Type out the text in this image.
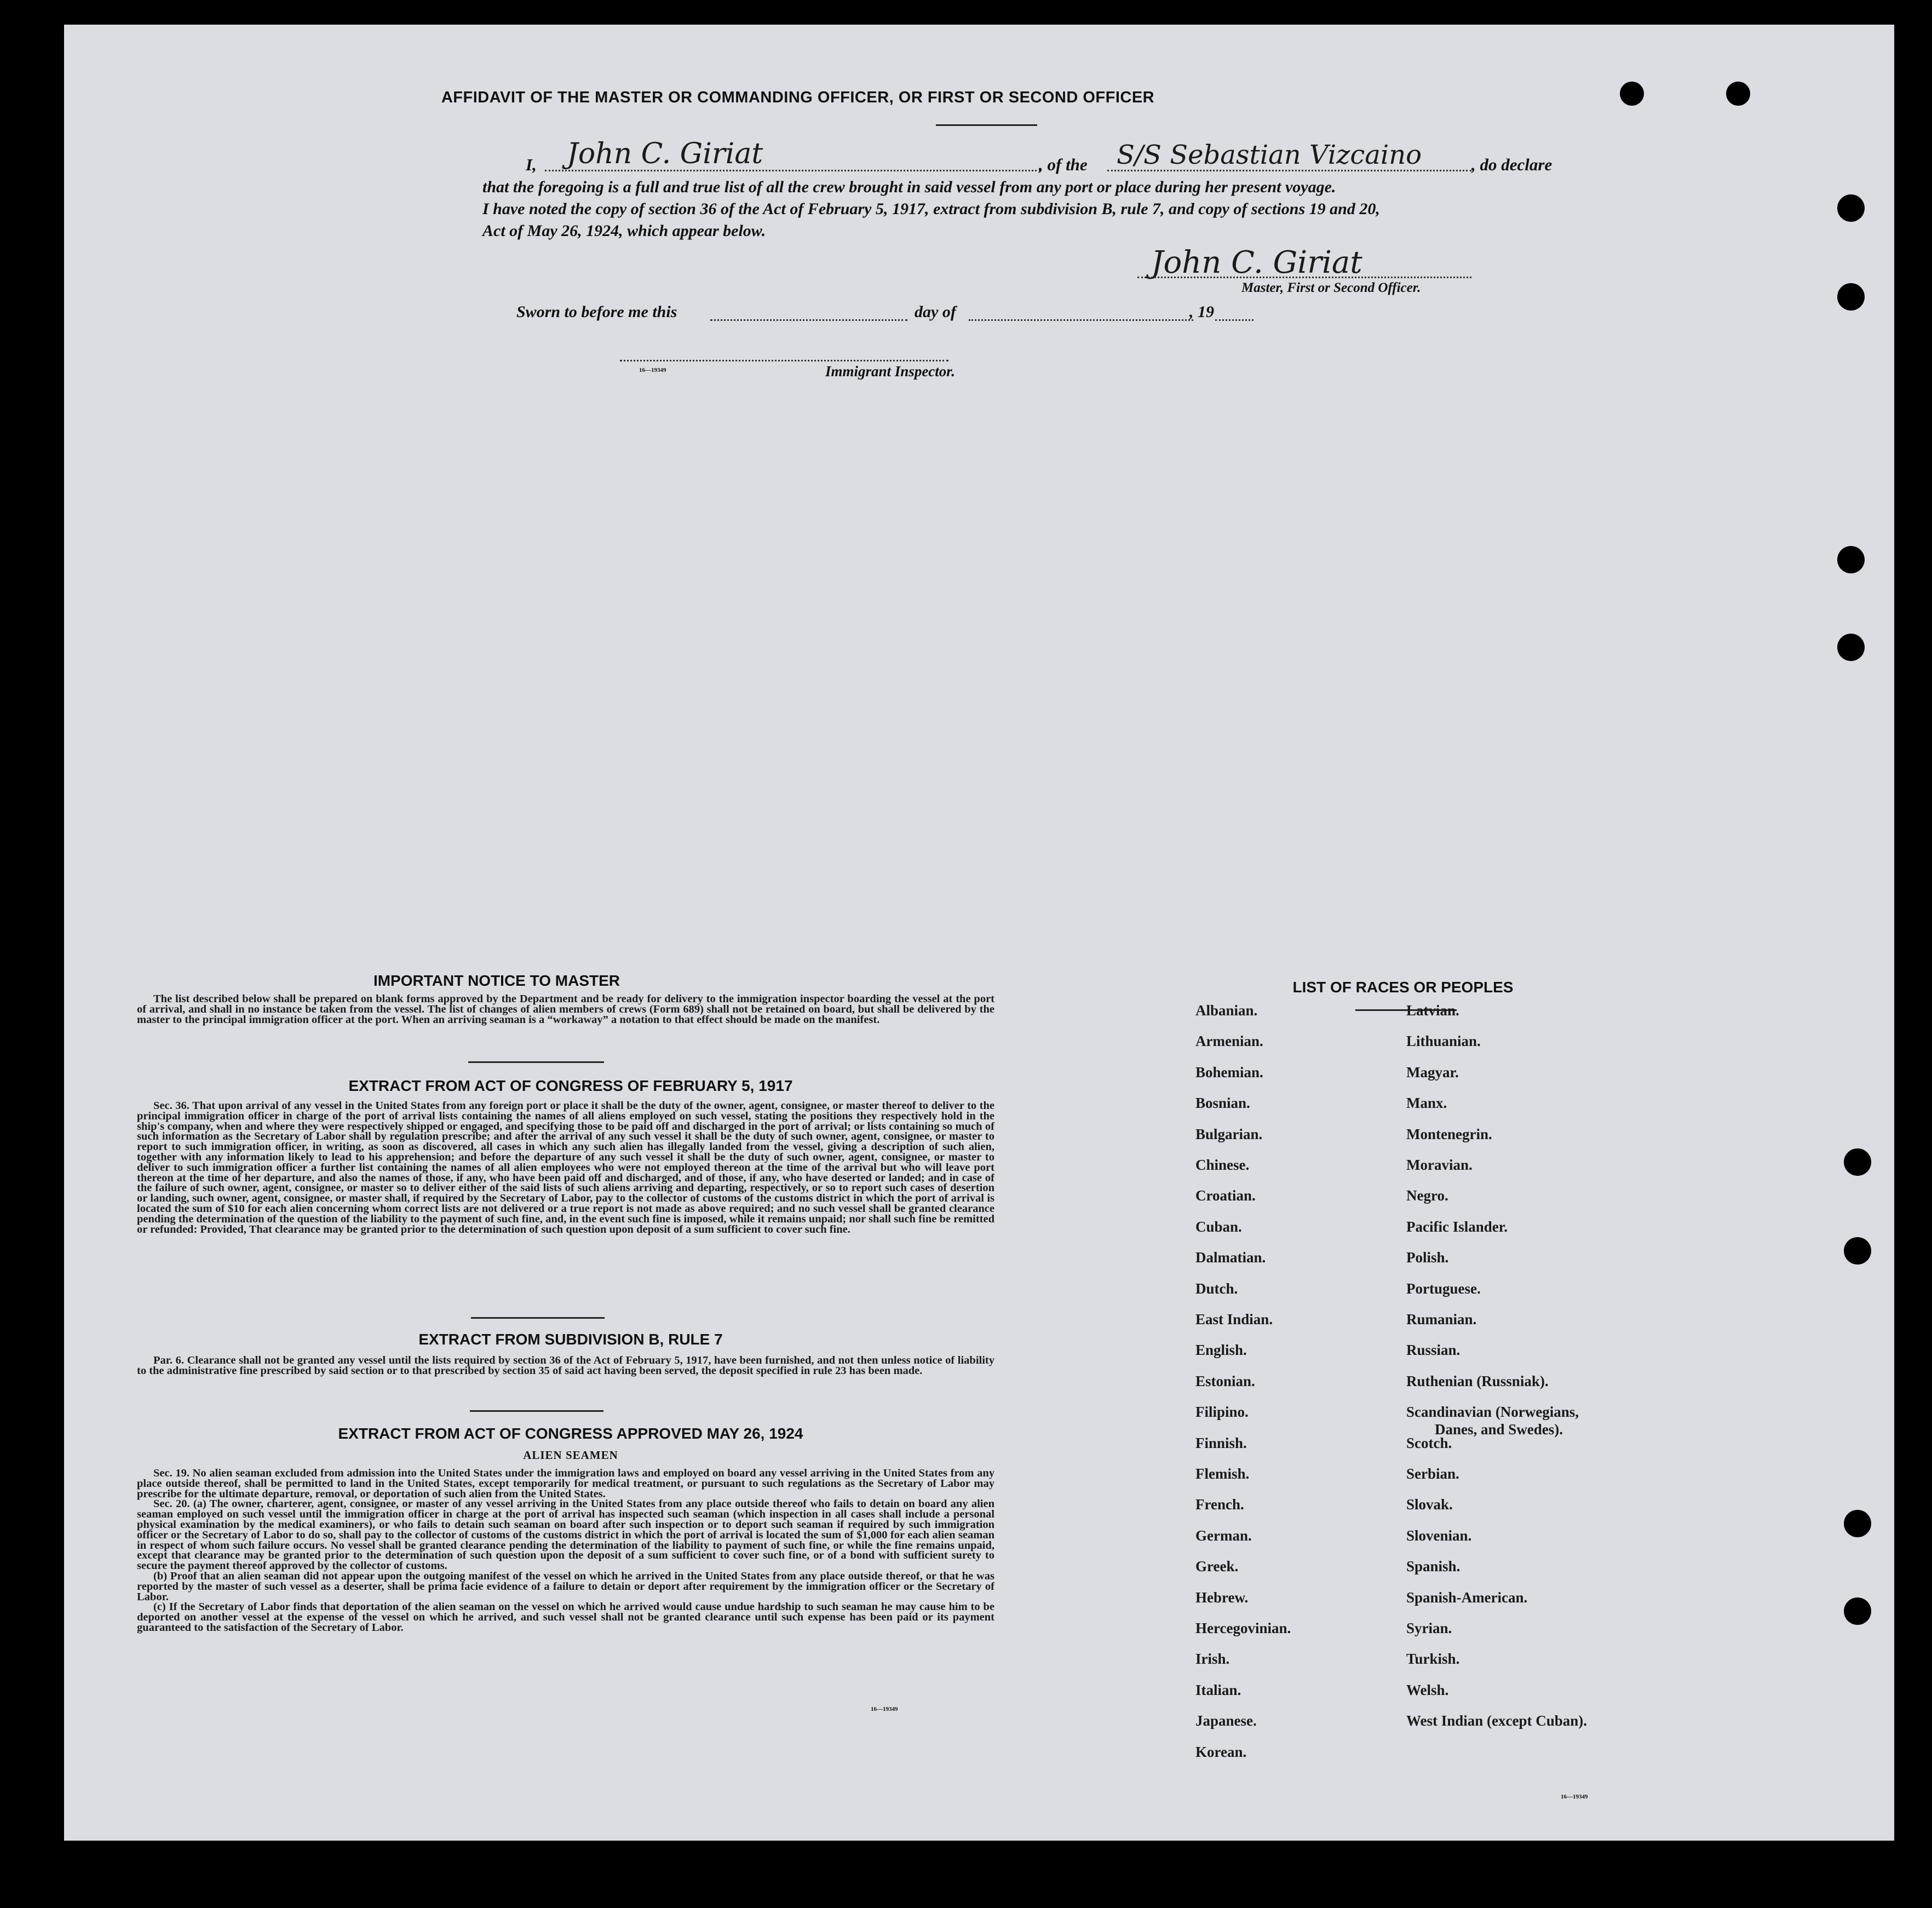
AFFIDAVIT OF THE MASTER OR COMMANDING OFFICER, OR FIRST OR SECOND OFFICER
I, John C. Giriat	, of the S/S Sebastian Vizcaino	, do declare
that the foregoing is a full and true list of all the crew brought in said vessel from any port or place during her present voyage.
I have noted the copy of section 36 of the Act of February 5, 1917, extract from subdivision B, rule 7, and copy of sections 19 and 20,
Act of May 26, 1924, which appear below.
John C. Giriat
Master, First or Second Officer.
Sworn to before me this	day of	, 19
16—19349	Immigrant Inspector.
IMPORTANT NOTICE TO MASTER

The list described below shall be prepared on blank forms approved by the Department and be ready for delivery to the immigration inspector boarding the vessel at the port of arrival, and shall in no instance be taken from the vessel. The list of changes of alien members of crews (Form 689) shall not be retained on board, but shall be delivered by the master to the principal immigration officer at the port. When an arriving seaman is a “workaway” a notation to that effect should be made on the manifest.

EXTRACT FROM ACT OF CONGRESS OF FEBRUARY 5, 1917

Sec. 36. That upon arrival of any vessel in the United States from any foreign port or place it shall be the duty of the owner, agent, consignee, or master thereof to deliver to the principal immigration officer in charge of the port of arrival lists containing the names of all aliens employed on such vessel, stating the positions they respectively hold in the ship's company, when and where they were respectively shipped or engaged, and specifying those to be paid off and discharged in the port of arrival; or lists containing so much of such information as the Secretary of Labor shall by regulation prescribe; and after the arrival of any such vessel it shall be the duty of such owner, agent, consignee, or master to report to such immigration officer, in writing, as soon as discovered, all cases in which any such alien has illegally landed from the vessel, giving a description of such alien, together with any information likely to lead to his apprehension; and before the departure of any such vessel it shall be the duty of such owner, agent, consignee, or master to deliver to such immigration officer a further list containing the names of all alien employees who were not employed thereon at the time of the arrival but who will leave port thereon at the time of her departure, and also the names of those, if any, who have been paid off and discharged, and of those, if any, who have deserted or landed; and in case of the failure of such owner, agent, consignee, or master so to deliver either of the said lists of such aliens arriving and departing, respectively, or so to report such cases of desertion or landing, such owner, agent, consignee, or master shall, if required by the Secretary of Labor, pay to the collector of customs of the customs district in which the port of arrival is located the sum of $10 for each alien concerning whom correct lists are not delivered or a true report is not made as above required; and no such vessel shall be granted clearance pending the determination of the question of the liability to the payment of such fine, and, in the event such fine is imposed, while it remains unpaid; nor shall such fine be remitted or refunded: Provided, That clearance may be granted prior to the determination of such question upon deposit of a sum sufficient to cover such fine.

EXTRACT FROM SUBDIVISION B, RULE 7

Par. 6. Clearance shall not be granted any vessel until the lists required by section 36 of the Act of February 5, 1917, have been furnished, and not then unless notice of liability to the administrative fine prescribed by said section or to that prescribed by section 35 of said act having been served, the deposit specified in rule 23 has been made.

EXTRACT FROM ACT OF CONGRESS APPROVED MAY 26, 1924
ALIEN SEAMEN

Sec. 19. No alien seaman excluded from admission into the United States under the immigration laws and employed on board any vessel arriving in the United States from any place outside thereof, shall be permitted to land in the United States, except temporarily for medical treatment, or pursuant to such regulations as the Secretary of Labor may prescribe for the ultimate departure, removal, or deportation of such alien from the United States.

Sec. 20. (a) The owner, charterer, agent, consignee, or master of any vessel arriving in the United States from any place outside thereof who fails to detain on board any alien seaman employed on such vessel until the immigration officer in charge at the port of arrival has inspected such seaman (which inspection in all cases shall include a personal physical examination by the medical examiners), or who fails to detain such seaman on board after such inspection or to deport such seaman if required by such immigration officer or the Secretary of Labor to do so, shall pay to the collector of customs of the customs district in which the port of arrival is located the sum of $1,000 for each alien seaman in respect of whom such failure occurs. No vessel shall be granted clearance pending the determination of the liability to payment of such fine, or while the fine remains unpaid, except that clearance may be granted prior to the determination of such question upon the deposit of a sum sufficient to cover such fine, or of a bond with sufficient surety to secure the payment thereof approved by the collector of customs.

(b) Proof that an alien seaman did not appear upon the outgoing manifest of the vessel on which he arrived in the United States from any place outside thereof, or that he was reported by the master of such vessel as a deserter, shall be prima facie evidence of a failure to detain or deport after requirement by the immigration officer or the Secretary of Labor.

(c) If the Secretary of Labor finds that deportation of the alien seaman on the vessel on which he arrived would cause undue hardship to such seaman he may cause him to be deported on another vessel at the expense of the vessel on which he arrived, and such vessel shall not be granted clearance until such expense has been paid or its payment guaranteed to the satisfaction of the Secretary of Labor.

16—19349
LIST OF RACES OR PEOPLES
Albanian.
Armenian.
Bohemian.
Bosnian.
Bulgarian.
Chinese.
Croatian.
Cuban.
Dalmatian.
Dutch.
East Indian.
English.
Estonian.
Filipino.
Finnish.
Flemish.
French.
German.
Greek.
Hebrew.
Hercegovinian.
Irish.
Italian.
Japanese.
Korean.
Latvian.
Lithuanian.
Magyar.
Manx.
Montenegrin.
Moravian.
Negro.
Pacific Islander.
Polish.
Portuguese.
Rumanian.
Russian.
Ruthenian (Russniak).
Scandinavian (Norwegians,
Danes, and Swedes).
Scotch.
Serbian.
Slovak.
Slovenian.
Spanish.
Spanish-American.
Syrian.
Turkish.
Welsh.
West Indian (except Cuban).
16—19349
